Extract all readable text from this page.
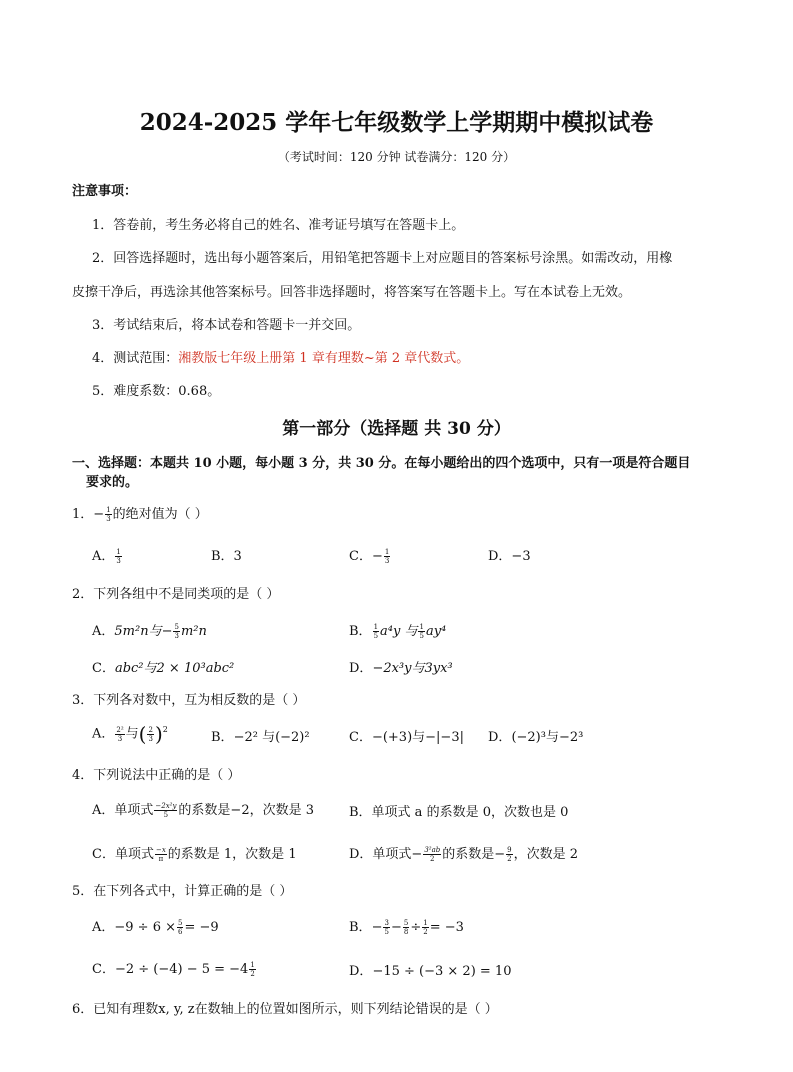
2024-2025 学年七年级数学上学期期中模拟试卷
（考试时间：120 分钟 试卷满分：120 分）
注意事项：
1．答卷前，考生务必将自己的姓名、准考证号填写在答题卡上。
2．回答选择题时，选出每小题答案后，用铅笔把答题卡上对应题目的答案标号涂黑。如需改动，用橡
皮擦干净后，再选涂其他答案标号。回答非选择题时，将答案写在答题卡上。写在本试卷上无效。
3．考试结束后，将本试卷和答题卡一并交回。
4．测试范围：湘教版七年级上册第 1 章有理数~第 2 章代数式。
5．难度系数：0.68。
第一部分（选择题 共 30 分）
一、选择题：本题共 10 小题，每小题 3 分，共 30 分。在每小题给出的四个选项中，只有一项是符合题目
要求的。
1．− $\frac{1}{3}$ 的绝对值为（ ）
A． $\frac{1}{3}$	B．3	C．− $\frac{1}{3}$	D．−3
2．下列各组中不是同类项的是（ ）
A．5m²n与− $\frac{5}{3} m^2n$	B． $\frac{1}{5} a^4y$ 与 $\frac{1}{5} ay^4$
C．abc²与2 × 10³abc²	D．−2x³y与3yx³
3．下列各对数中，互为相反数的是（ ）
A． $\frac{\text{2²}}{3}$ 与( $\frac{2}{3} )^2$
B．−2² 与(−2)²	C．−(+3)与−|−3| D．(−2)³与−2³
4．下列说法中正确的是（ ）
A．单项式 $\frac{\text{−2x²y}}{5}$ 的系数是−2，次数是 3	B．单项式 a 的系数是 0，次数也是 0
C．单项式 $\frac{-x}{\pi}$ 的系数是 1，次数是 1	D．单项式− $\frac{\text{3²ab}}{2}$ 的系数是− $\frac{9}{2}$ ，次数是 2
5．在下列各式中，计算正确的是（ ）
A．$-9 \div 6 \times \frac{5}{6} = -9$	B．− $\frac{3}{5} - \frac{5}{8} \div \frac{1}{2} = -3$
C．$-2 \div (-4) - 5 = -4 \frac{1}{2}$	D．−15 ÷ (−3 × 2) = 10
6．已知有理数x, y, z在数轴上的位置如图所示，则下列结论错误的是（ ）
